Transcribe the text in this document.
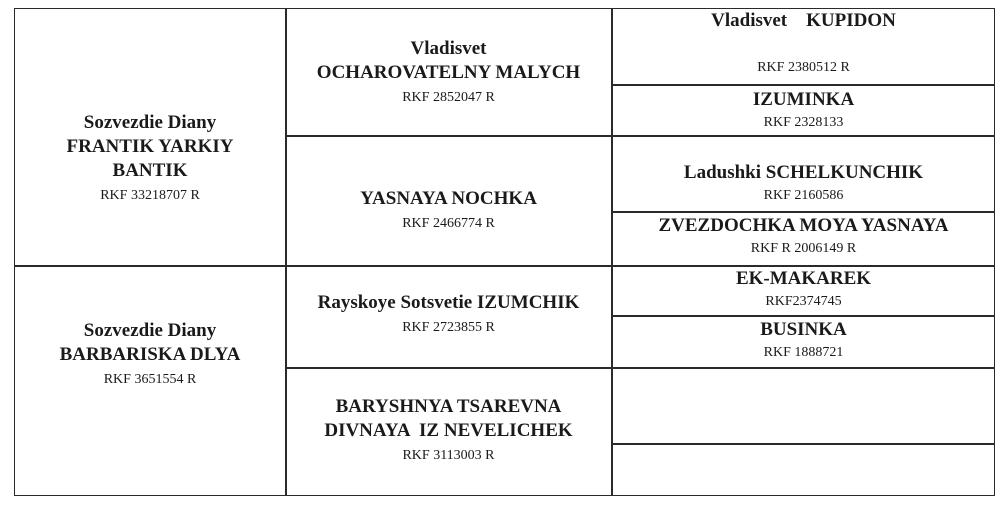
Sozvezdie Diany
FRANTIK YARKIY
BANTIK
RKF 33218707 R
Sozvezdie Diany
BARBARISKA DLYA
RKF 3651554 R
Vladisvet
OCHAROVATELNY MALYCH
RKF 2852047 R
YASNAYA NOCHKA
RKF 2466774 R
Rayskoye Sotsvetie IZUMCHIK
RKF 2723855 R
BARYSHNYA TSAREVNA
DIVNAYA  IZ NEVELICHEK
RKF 3113003 R
Vladisvet KUPIDON
RKF 2380512 R
IZUMINKA
RKF 2328133
Ladushki SCHELKUNCHIK
RKF 2160586
ZVEZDOCHKA MOYA YASNAYA
RKF R 2006149 R
EK-MAKAREK
RKF2374745
BUSINKA
RKF 1888721
